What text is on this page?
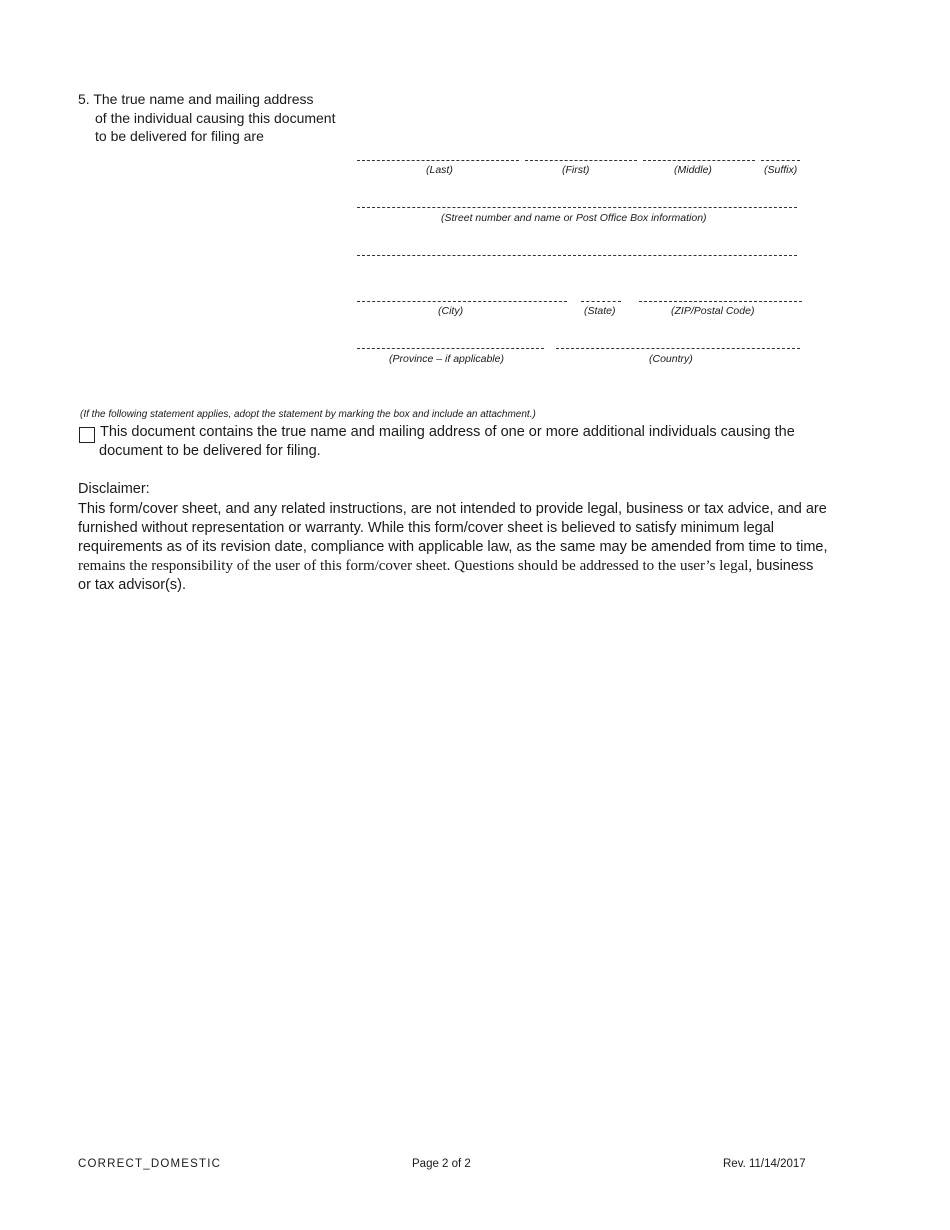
5. The true name and mailing address
of the individual causing this document
to be delivered for filing are
(Last)	(First)	(Middle)	(Suffix)
(Street number and name or Post Office Box information)
(City)	(State)	(ZIP/Postal Code)
(Province – if applicable)	(Country)
(If the following statement applies, adopt the statement by marking the box and include an attachment.)
This document contains the true name and mailing address of one or more additional individuals causing the
document to be delivered for filing.
Disclaimer:
This form/cover sheet, and any related instructions, are not intended to provide legal, business or tax advice, and are
furnished without representation or warranty. While this form/cover sheet is believed to satisfy minimum legal
requirements as of its revision date, compliance with applicable law, as the same may be amended from time to time,
remains the responsibility of the user of this form/cover sheet. Questions should be addressed to the user’s legal, business
or tax advisor(s).
CORRECT_DOMESTIC	Page 2 of 2	Rev. 11/14/2017
